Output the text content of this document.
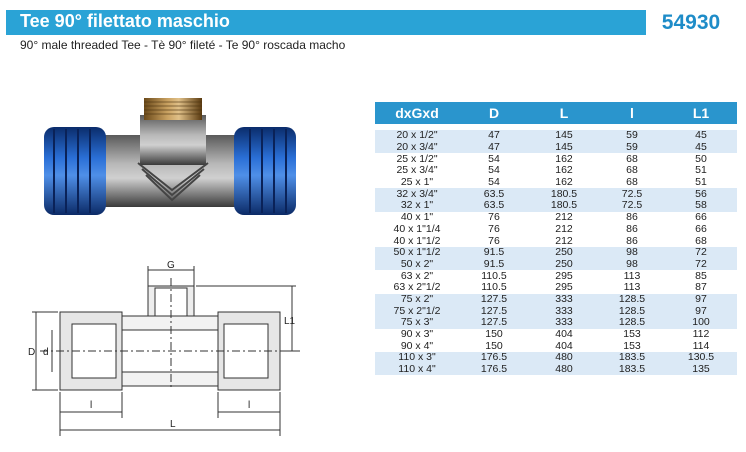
Tee 90° filettato maschio	54930
90° male threaded Tee - Tè 90° fileté - Te 90° roscada macho
G
D d
L1
l	l
L
dxGxd	D	L	l	L1

20 x 1/2"	47	145	59	45
20 x 3/4"	47	145	59	45
25 x 1/2"	54	162	68	50
25 x 3/4"	54	162	68	51
25 x 1"	54	162	68	51
32 x 3/4"	63.5	180.5	72.5	56
32 x 1"	63.5	180.5	72.5	58
40 x 1"	76	212	86	66
40 x 1"1/4	76	212	86	66
40 x 1"1/2	76	212	86	68
50 x 1"1/2	91.5	250	98	72
50 x 2"	91.5	250	98	72
63 x 2"	110.5	295	113	85
63 x 2"1/2	110.5	295	113	87
75 x 2"	127.5	333	128.5	97
75 x 2"1/2	127.5	333	128.5	97
75 x 3"	127.5	333	128.5	100
90 x 3"	150	404	153	112
90 x 4"	150	404	153	114
110 x 3"	176.5	480	183.5	130.5
110 x 4"	176.5	480	183.5	135
